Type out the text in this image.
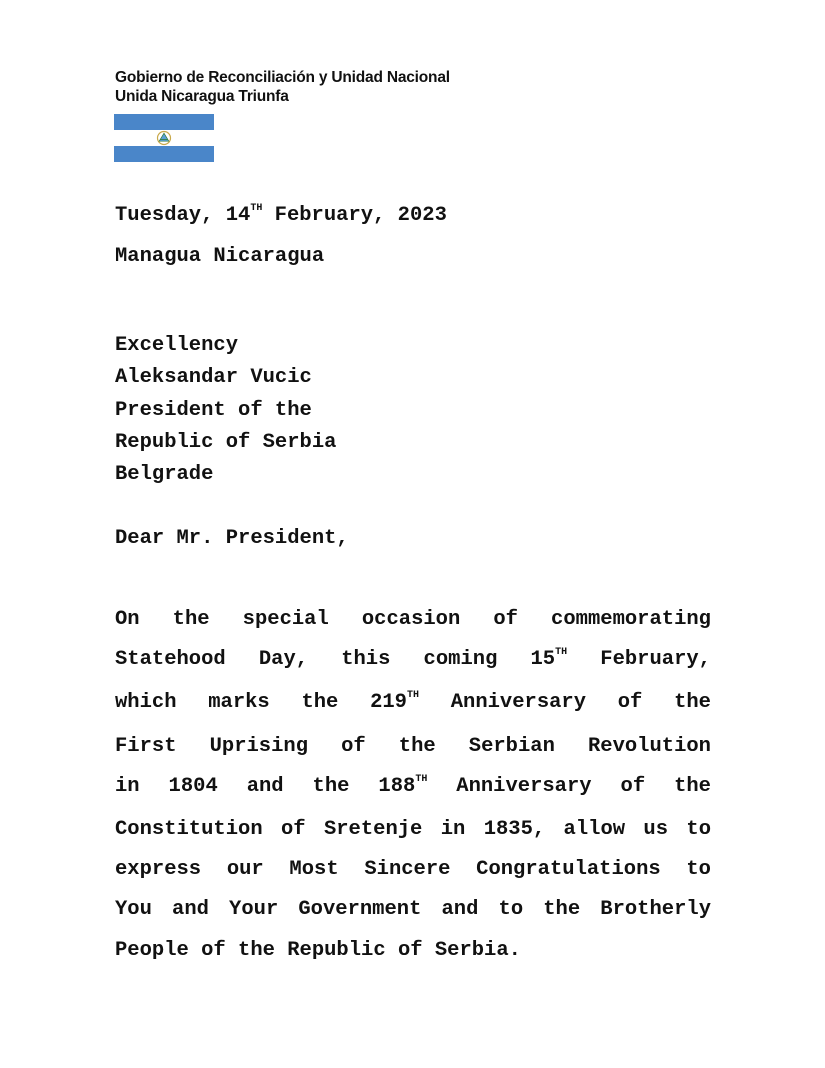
Gobierno de Reconciliación y Unidad Nacional
Unida Nicaragua Triunfa
Tuesday, 14TH February, 2023
Managua Nicaragua
Excellency
Aleksandar Vucic
President of the
Republic of Serbia
Belgrade
Dear Mr. President,
On the special occasion of commemorating
Statehood Day, this coming 15TH February,
which marks the 219TH Anniversary of the
First Uprising of the Serbian Revolution
in 1804 and the 188TH Anniversary of the
Constitution of Sretenje in 1835, allow us to
express our Most Sincere Congratulations to
You and Your Government and to the Brotherly
People of the Republic of Serbia.
